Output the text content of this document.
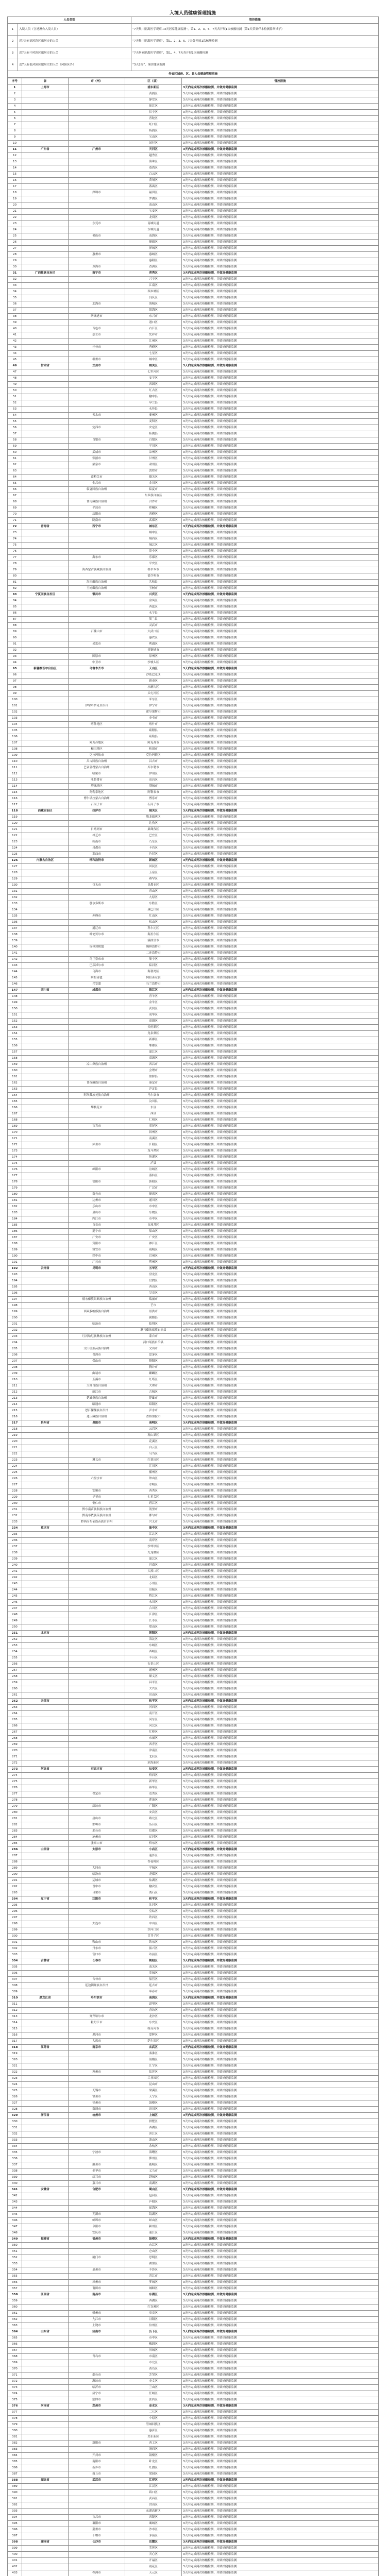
入境人员健康管理措施
人员类别		管控措施
1	入境人员（含港澳台入境人员）	“7天集中隔离医学观察+3天居家健康监测”，第1、2、3、5、7天各开展1次核酸检测（第1天采集样本检测鼻咽拭子）
2	近7天有高风险区旅居史的人员	“7天集中隔离医学观察”，第1、2、3、5、7天各开展1次核酸检测
3	近7天有中风险区旅居史的人员	“7天居家隔离医学观察”，第1、4、7天各开展1次核酸检测
4	近7天有低风险区旅居史的人员（风险区外）	“3天2检”，落实健康监测
外省区域州、区、县人员健康管理措施		
序号	省	市（州）	区（县）	管控措施
1	上海市		浦东新区	3天内完成两次核酸检测，并做好健康监测
2			黄浦区	3天内完成两次核酸检测，并做好健康监测
3			静安区	3天内完成两次核酸检测，并做好健康监测
4			徐汇区	3天内完成两次核酸检测，并做好健康监测
5			长宁区	3天内完成两次核酸检测，并做好健康监测
6			普陀区	3天内完成两次核酸检测，并做好健康监测
7			虹口区	3天内完成两次核酸检测，并做好健康监测
8			杨浦区	3天内完成两次核酸检测，并做好健康监测
9			宝山区	3天内完成两次核酸检测，并做好健康监测
10			闵行区	3天内完成两次核酸检测，并做好健康监测
11	广东省	广州市	天河区	3天内完成两次核酸检测，并做好健康监测
12			越秀区	3天内完成两次核酸检测，并做好健康监测
13			海珠区	3天内完成两次核酸检测，并做好健康监测
14			荔湾区	3天内完成两次核酸检测，并做好健康监测
15			白云区	3天内完成两次核酸检测，并做好健康监测
16			黄埔区	3天内完成两次核酸检测，并做好健康监测
17			番禺区	3天内完成两次核酸检测，并做好健康监测
18		深圳市	福田区	3天内完成两次核酸检测，并做好健康监测
19			罗湖区	3天内完成两次核酸检测，并做好健康监测
20			南山区	3天内完成两次核酸检测，并做好健康监测
21			宝安区	3天内完成两次核酸检测，并做好健康监测
22			龙岗区	3天内完成两次核酸检测，并做好健康监测
23		东莞市	南城街道	3天内完成两次核酸检测，并做好健康监测
24			东城街道	3天内完成两次核酸检测，并做好健康监测
25		佛山市	南海区	3天内完成两次核酸检测，并做好健康监测
26			顺德区	3天内完成两次核酸检测，并做好健康监测
27			禅城区	3天内完成两次核酸检测，并做好健康监测
28		惠州市	惠城区	3天内完成两次核酸检测，并做好健康监测
29			惠阳区	3天内完成两次核酸检测，并做好健康监测
30		珠海市	香洲区	3天内完成两次核酸检测，并做好健康监测
31	广西壮族自治区	南宁市	青秀区	3天内完成两次核酸检测，并做好健康监测
32			兴宁区	3天内完成两次核酸检测，并做好健康监测
33			江南区	3天内完成两次核酸检测，并做好健康监测
34			西乡塘区	3天内完成两次核酸检测，并做好健康监测
35			良庆区	3天内完成两次核酸检测，并做好健康监测
36		北海市	海城区	3天内完成两次核酸检测，并做好健康监测
37			银海区	3天内完成两次核酸检测，并做好健康监测
38		防城港市	东兴市	3天内完成两次核酸检测，并做好健康监测
39			港口区	3天内完成两次核酸检测，并做好健康监测
40		百色市	右江区	3天内完成两次核酸检测，并做好健康监测
41		崇左市	凭祥市	3天内完成两次核酸检测，并做好健康监测
42			江州区	3天内完成两次核酸检测，并做好健康监测
43		桂林市	秀峰区	3天内完成两次核酸检测，并做好健康监测
44			七星区	3天内完成两次核酸检测，并做好健康监测
45		柳州市	城中区	3天内完成两次核酸检测，并做好健康监测
46	甘肃省	兰州市	城关区	3天内完成两次核酸检测，并做好健康监测
47			七里河区	3天内完成两次核酸检测，并做好健康监测
48			安宁区	3天内完成两次核酸检测，并做好健康监测
49			西固区	3天内完成两次核酸检测，并做好健康监测
50			红古区	3天内完成两次核酸检测，并做好健康监测
51			榆中县	3天内完成两次核酸检测，并做好健康监测
52			皋兰县	3天内完成两次核酸检测，并做好健康监测
53			永登县	3天内完成两次核酸检测，并做好健康监测
54		天水市	秦州区	3天内完成两次核酸检测，并做好健康监测
55			麦积区	3天内完成两次核酸检测，并做好健康监测
56		定西市	安定区	3天内完成两次核酸检测，并做好健康监测
57			临洮县	3天内完成两次核酸检测，并做好健康监测
58		白银市	白银区	3天内完成两次核酸检测，并做好健康监测
59			平川区	3天内完成两次核酸检测，并做好健康监测
60		武威市	凉州区	3天内完成两次核酸检测，并做好健康监测
61		张掖市	甘州区	3天内完成两次核酸检测，并做好健康监测
62		酒泉市	肃州区	3天内完成两次核酸检测，并做好健康监测
63			敦煌市	3天内完成两次核酸检测，并做好健康监测
64		嘉峪关市	雄关区	3天内完成两次核酸检测，并做好健康监测
65		金昌市	金川区	3天内完成两次核酸检测，并做好健康监测
66		临夏回族自治州	临夏市	3天内完成两次核酸检测，并做好健康监测
67			东乡族自治县	3天内完成两次核酸检测，并做好健康监测
68		甘南藏族自治州	合作市	3天内完成两次核酸检测，并做好健康监测
69		平凉市	崆峒区	3天内完成两次核酸检测，并做好健康监测
70		庆阳市	西峰区	3天内完成两次核酸检测，并做好健康监测
71		陇南市	武都区	3天内完成两次核酸检测，并做好健康监测
72	青海省	西宁市	城东区	3天内完成两次核酸检测，并做好健康监测
73			城中区	3天内完成两次核酸检测，并做好健康监测
74			城西区	3天内完成两次核酸检测，并做好健康监测
75			城北区	3天内完成两次核酸检测，并做好健康监测
76			湟中区	3天内完成两次核酸检测，并做好健康监测
77		海东市	乐都区	3天内完成两次核酸检测，并做好健康监测
78			平安区	3天内完成两次核酸检测，并做好健康监测
79		海西蒙古族藏族自治州	格尔木市	3天内完成两次核酸检测，并做好健康监测
80			德令哈市	3天内完成两次核酸检测，并做好健康监测
81		海南藏族自治州	共和县	3天内完成两次核酸检测，并做好健康监测
82		玉树藏族自治州	玉树市	3天内完成两次核酸检测，并做好健康监测
83	宁夏回族自治区	银川市	兴庆区	3天内完成两次核酸检测，并做好健康监测
84			金凤区	3天内完成两次核酸检测，并做好健康监测
85			西夏区	3天内完成两次核酸检测，并做好健康监测
86			永宁县	3天内完成两次核酸检测，并做好健康监测
87			贺兰县	3天内完成两次核酸检测，并做好健康监测
88			灵武市	3天内完成两次核酸检测，并做好健康监测
89		石嘴山市	大武口区	3天内完成两次核酸检测，并做好健康监测
90			惠农区	3天内完成两次核酸检测，并做好健康监测
91		吴忠市	利通区	3天内完成两次核酸检测，并做好健康监测
92			青铜峡市	3天内完成两次核酸检测，并做好健康监测
93		固原市	原州区	3天内完成两次核酸检测，并做好健康监测
94		中卫市	沙坡头区	3天内完成两次核酸检测，并做好健康监测
95	新疆维吾尔自治区	乌鲁木齐市	天山区	3天内完成两次核酸检测，并做好健康监测
96			沙依巴克区	3天内完成两次核酸检测，并做好健康监测
97			新市区	3天内完成两次核酸检测，并做好健康监测
98			水磨沟区	3天内完成两次核酸检测，并做好健康监测
99			头屯河区	3天内完成两次核酸检测，并做好健康监测
100			米东区	3天内完成两次核酸检测，并做好健康监测
101		伊犁哈萨克自治州	伊宁市	3天内完成两次核酸检测，并做好健康监测
102			霍尔果斯市	3天内完成两次核酸检测，并做好健康监测
103			奎屯市	3天内完成两次核酸检测，并做好健康监测
104		喀什地区	喀什市	3天内完成两次核酸检测，并做好健康监测
105			疏附县	3天内完成两次核酸检测，并做好健康监测
106			疏勒县	3天内完成两次核酸检测，并做好健康监测
107		阿克苏地区	阿克苏市	3天内完成两次核酸检测，并做好健康监测
108		和田地区	和田市	3天内完成两次核酸检测，并做好健康监测
109		克拉玛依市	克拉玛依区	3天内完成两次核酸检测，并做好健康监测
110		昌吉回族自治州	昌吉市	3天内完成两次核酸检测，并做好健康监测
111		巴音郭楞蒙古自治州	库尔勒市	3天内完成两次核酸检测，并做好健康监测
112		哈密市	伊州区	3天内完成两次核酸检测，并做好健康监测
113		吐鲁番市	高昌区	3天内完成两次核酸检测，并做好健康监测
114		塔城地区	塔城市	3天内完成两次核酸检测，并做好健康监测
115		阿勒泰地区	阿勒泰市	3天内完成两次核酸检测，并做好健康监测
116		博尔塔拉蒙古自治州	博乐市	3天内完成两次核酸检测，并做好健康监测
117		石河子市	石河子市	3天内完成两次核酸检测，并做好健康监测
118	西藏自治区	拉萨市	城关区	3天内完成两次核酸检测，并做好健康监测
119			堆龙德庆区	3天内完成两次核酸检测，并做好健康监测
120			达孜区	3天内完成两次核酸检测，并做好健康监测
121		日喀则市	桑珠孜区	3天内完成两次核酸检测，并做好健康监测
122		林芝市	巴宜区	3天内完成两次核酸检测，并做好健康监测
123		山南市	乃东区	3天内完成两次核酸检测，并做好健康监测
124		昌都市	卡若区	3天内完成两次核酸检测，并做好健康监测
125		那曲市	色尼区	3天内完成两次核酸检测，并做好健康监测
126	内蒙古自治区	呼和浩特市	新城区	3天内完成两次核酸检测，并做好健康监测
127			回民区	3天内完成两次核酸检测，并做好健康监测
128			玉泉区	3天内完成两次核酸检测，并做好健康监测
129			赛罕区	3天内完成两次核酸检测，并做好健康监测
130		包头市	昆都仑区	3天内完成两次核酸检测，并做好健康监测
131			青山区	3天内完成两次核酸检测，并做好健康监测
132			九原区	3天内完成两次核酸检测，并做好健康监测
133		鄂尔多斯市	东胜区	3天内完成两次核酸检测，并做好健康监测
134			康巴什区	3天内完成两次核酸检测，并做好健康监测
135		赤峰市	红山区	3天内完成两次核酸检测，并做好健康监测
136			松山区	3天内完成两次核酸检测，并做好健康监测
137		通辽市	科尔沁区	3天内完成两次核酸检测，并做好健康监测
138		呼伦贝尔市	海拉尔区	3天内完成两次核酸检测，并做好健康监测
139			满洲里市	3天内完成两次核酸检测，并做好健康监测
140		锡林郭勒盟	锡林浩特市	3天内完成两次核酸检测，并做好健康监测
141			二连浩特市	3天内完成两次核酸检测，并做好健康监测
142		乌兰察布市	集宁区	3天内完成两次核酸检测，并做好健康监测
143		巴彦淖尔市	临河区	3天内完成两次核酸检测，并做好健康监测
144		乌海市	海勃湾区	3天内完成两次核酸检测，并做好健康监测
145		阿拉善盟	阿拉善左旗	3天内完成两次核酸检测，并做好健康监测
146		兴安盟	乌兰浩特市	3天内完成两次核酸检测，并做好健康监测
147	四川省	成都市	锦江区	3天内完成两次核酸检测，并做好健康监测
148			青羊区	3天内完成两次核酸检测，并做好健康监测
149			金牛区	3天内完成两次核酸检测，并做好健康监测
150			武侯区	3天内完成两次核酸检测，并做好健康监测
151			成华区	3天内完成两次核酸检测，并做好健康监测
152			高新区	3天内完成两次核酸检测，并做好健康监测
153			天府新区	3天内完成两次核酸检测，并做好健康监测
154			龙泉驿区	3天内完成两次核酸检测，并做好健康监测
155			新都区	3天内完成两次核酸检测，并做好健康监测
156			郫都区	3天内完成两次核酸检测，并做好健康监测
157			温江区	3天内完成两次核酸检测，并做好健康监测
158			双流区	3天内完成两次核酸检测，并做好健康监测
159		凉山彝族自治州	西昌市	3天内完成两次核酸检测，并做好健康监测
160			会理市	3天内完成两次核酸检测，并做好健康监测
161			盐源县	3天内完成两次核酸检测，并做好健康监测
162		甘孜藏族自治州	康定市	3天内完成两次核酸检测，并做好健康监测
163			泸定县	3天内完成两次核酸检测，并做好健康监测
164		阿坝藏族羌族自治州	马尔康市	3天内完成两次核酸检测，并做好健康监测
165			汶川县	3天内完成两次核酸检测，并做好健康监测
166		攀枝花市	东区	3天内完成两次核酸检测，并做好健康监测
167			西区	3天内完成两次核酸检测，并做好健康监测
168			仁和区	3天内完成两次核酸检测，并做好健康监测
169		宜宾市	翠屏区	3天内完成两次核酸检测，并做好健康监测
170			叙州区	3天内完成两次核酸检测，并做好健康监测
171			南溪区	3天内完成两次核酸检测，并做好健康监测
172		泸州市	江阳区	3天内完成两次核酸检测，并做好健康监测
173			龙马潭区	3天内完成两次核酸检测，并做好健康监测
174			纳溪区	3天内完成两次核酸检测，并做好健康监测
175			泸县	3天内完成两次核酸检测，并做好健康监测
176		绵阳市	涪城区	3天内完成两次核酸检测，并做好健康监测
177			游仙区	3天内完成两次核酸检测，并做好健康监测
178		德阳市	旌阳区	3天内完成两次核酸检测，并做好健康监测
179			广汉市	3天内完成两次核酸检测，并做好健康监测
180		南充市	顺庆区	3天内完成两次核酸检测，并做好健康监测
181		达州市	通川区	3天内完成两次核酸检测，并做好健康监测
182		乐山市	市中区	3天内完成两次核酸检测，并做好健康监测
183		眉山市	东坡区	3天内完成两次核酸检测，并做好健康监测
184		内江市	市中区	3天内完成两次核酸检测，并做好健康监测
185		自贡市	自流井区	3天内完成两次核酸检测，并做好健康监测
186		遂宁市	船山区	3天内完成两次核酸检测，并做好健康监测
187		广安市	广安区	3天内完成两次核酸检测，并做好健康监测
188		资阳市	雁江区	3天内完成两次核酸检测，并做好健康监测
189		雅安市	雨城区	3天内完成两次核酸检测，并做好健康监测
190		巴中市	巴州区	3天内完成两次核酸检测，并做好健康监测
191		广元市	利州区	3天内完成两次核酸检测，并做好健康监测
192	云南省	昆明市	五华区	3天内完成两次核酸检测，并做好健康监测
193			盘龙区	3天内完成两次核酸检测，并做好健康监测
194			官渡区	3天内完成两次核酸检测，并做好健康监测
195			西山区	3天内完成两次核酸检测，并做好健康监测
196			呈贡区	3天内完成两次核酸检测，并做好健康监测
197		德宏傣族景颇族自治州	瑞丽市	3天内完成两次核酸检测，并做好健康监测
198			芒市	3天内完成两次核酸检测，并做好健康监测
199		西双版纳傣族自治州	景洪市	3天内完成两次核酸检测，并做好健康监测
200			勐腊县	3天内完成两次核酸检测，并做好健康监测
201		临沧市	临翔区	3天内完成两次核酸检测，并做好健康监测
202			耿马傣族佤族自治县	3天内完成两次核酸检测，并做好健康监测
203		红河哈尼族彝族自治州	蒙自市	3天内完成两次核酸检测，并做好健康监测
204			河口瑶族自治县	3天内完成两次核酸检测，并做好健康监测
205		文山壮族苗族自治州	文山市	3天内完成两次核酸检测，并做好健康监测
206		普洱市	思茅区	3天内完成两次核酸检测，并做好健康监测
207		保山市	隆阳区	3天内完成两次核酸检测，并做好健康监测
208			腾冲市	3天内完成两次核酸检测，并做好健康监测
209		曲靖市	麒麟区	3天内完成两次核酸检测，并做好健康监测
210		玉溪市	红塔区	3天内完成两次核酸检测，并做好健康监测
211		大理白族自治州	大理市	3天内完成两次核酸检测，并做好健康监测
212		丽江市	古城区	3天内完成两次核酸检测，并做好健康监测
213		楚雄彝族自治州	楚雄市	3天内完成两次核酸检测，并做好健康监测
214		昭通市	昭阳区	3天内完成两次核酸检测，并做好健康监测
215		怒江傈僳族自治州	泸水市	3天内完成两次核酸检测，并做好健康监测
216		迪庆藏族自治州	香格里拉市	3天内完成两次核酸检测，并做好健康监测
217	贵州省	贵阳市	南明区	3天内完成两次核酸检测，并做好健康监测
218			云岩区	3天内完成两次核酸检测，并做好健康监测
219			观山湖区	3天内完成两次核酸检测，并做好健康监测
220			花溪区	3天内完成两次核酸检测，并做好健康监测
221			白云区	3天内完成两次核酸检测，并做好健康监测
222			乌当区	3天内完成两次核酸检测，并做好健康监测
223		遵义市	红花岗区	3天内完成两次核酸检测，并做好健康监测
224			汇川区	3天内完成两次核酸检测，并做好健康监测
225			播州区	3天内完成两次核酸检测，并做好健康监测
226		六盘水市	钟山区	3天内完成两次核酸检测，并做好健康监测
227			水城区	3天内完成两次核酸检测，并做好健康监测
228		安顺市	西秀区	3天内完成两次核酸检测，并做好健康监测
229		毕节市	七星关区	3天内完成两次核酸检测，并做好健康监测
230		铜仁市	碧江区	3天内完成两次核酸检测，并做好健康监测
231		黔东南苗族侗族自治州	凯里市	3天内完成两次核酸检测，并做好健康监测
232		黔南布依族苗族自治州	都匀市	3天内完成两次核酸检测，并做好健康监测
233		黔西南布依族苗族自治州	兴义市	3天内完成两次核酸检测，并做好健康监测
234	重庆市		渝中区	3天内完成两次核酸检测，并做好健康监测
235			江北区	3天内完成两次核酸检测，并做好健康监测
236			南岸区	3天内完成两次核酸检测，并做好健康监测
237			沙坪坝区	3天内完成两次核酸检测，并做好健康监测
238			九龙坡区	3天内完成两次核酸检测，并做好健康监测
239			渝北区	3天内完成两次核酸检测，并做好健康监测
240			巴南区	3天内完成两次核酸检测，并做好健康监测
241			大渡口区	3天内完成两次核酸检测，并做好健康监测
242			北碚区	3天内完成两次核酸检测，并做好健康监测
243			万州区	3天内完成两次核酸检测，并做好健康监测
244			涪陵区	3天内完成两次核酸检测，并做好健康监测
245			黔江区	3天内完成两次核酸检测，并做好健康监测
246			永川区	3天内完成两次核酸检测，并做好健康监测
247			合川区	3天内完成两次核酸检测，并做好健康监测
248			江津区	3天内完成两次核酸检测，并做好健康监测
249			长寿区	3天内完成两次核酸检测，并做好健康监测
250			璧山区	3天内完成两次核酸检测，并做好健康监测
251	北京市		朝阳区	3天内完成两次核酸检测，并做好健康监测
252			海淀区	3天内完成两次核酸检测，并做好健康监测
253			东城区	3天内完成两次核酸检测，并做好健康监测
254			西城区	3天内完成两次核酸检测，并做好健康监测
255			丰台区	3天内完成两次核酸检测，并做好健康监测
256			石景山区	3天内完成两次核酸检测，并做好健康监测
257			通州区	3天内完成两次核酸检测，并做好健康监测
258			顺义区	3天内完成两次核酸检测，并做好健康监测
259			昌平区	3天内完成两次核酸检测，并做好健康监测
260			大兴区	3天内完成两次核酸检测，并做好健康监测
261			房山区	3天内完成两次核酸检测，并做好健康监测
262	天津市		和平区	3天内完成两次核酸检测，并做好健康监测
263			河西区	3天内完成两次核酸检测，并做好健康监测
264			南开区	3天内完成两次核酸检测，并做好健康监测
265			河东区	3天内完成两次核酸检测，并做好健康监测
266			河北区	3天内完成两次核酸检测，并做好健康监测
267			红桥区	3天内完成两次核酸检测，并做好健康监测
268			东丽区	3天内完成两次核酸检测，并做好健康监测
269			西青区	3天内完成两次核酸检测，并做好健康监测
270			津南区	3天内完成两次核酸检测，并做好健康监测
271			北辰区	3天内完成两次核酸检测，并做好健康监测
272			滨海新区	3天内完成两次核酸检测，并做好健康监测
273	河北省	石家庄市	长安区	3天内完成两次核酸检测，并做好健康监测
274			桥西区	3天内完成两次核酸检测，并做好健康监测
275			新华区	3天内完成两次核酸检测，并做好健康监测
276			裕华区	3天内完成两次核酸检测，并做好健康监测
277		保定市	竞秀区	3天内完成两次核酸检测，并做好健康监测
278			莲池区	3天内完成两次核酸检测，并做好健康监测
279		廊坊市	广阳区	3天内完成两次核酸检测，并做好健康监测
280			安次区	3天内完成两次核酸检测，并做好健康监测
281		唐山市	路北区	3天内完成两次核酸检测，并做好健康监测
282		邯郸市	丛台区	3天内完成两次核酸检测，并做好健康监测
283		邢台市	信都区	3天内完成两次核酸检测，并做好健康监测
284		沧州市	运河区	3天内完成两次核酸检测，并做好健康监测
285		张家口市	桥东区	3天内完成两次核酸检测，并做好健康监测
286	山西省	太原市	小店区	3天内完成两次核酸检测，并做好健康监测
287			迎泽区	3天内完成两次核酸检测，并做好健康监测
288			杏花岭区	3天内完成两次核酸检测，并做好健康监测
289		大同市	平城区	3天内完成两次核酸检测，并做好健康监测
290		临汾市	尧都区	3天内完成两次核酸检测，并做好健康监测
291		运城市	盐湖区	3天内完成两次核酸检测，并做好健康监测
292		晋中市	榆次区	3天内完成两次核酸检测，并做好健康监测
293		吕梁市	离石区	3天内完成两次核酸检测，并做好健康监测
294	辽宁省	沈阳市	和平区	3天内完成两次核酸检测，并做好健康监测
295			沈河区	3天内完成两次核酸检测，并做好健康监测
296			皇姑区	3天内完成两次核酸检测，并做好健康监测
297			铁西区	3天内完成两次核酸检测，并做好健康监测
298		大连市	中山区	3天内完成两次核酸检测，并做好健康监测
299			沙河口区	3天内完成两次核酸检测，并做好健康监测
300			甘井子区	3天内完成两次核酸检测，并做好健康监测
301		鞍山市	铁东区	3天内完成两次核酸检测，并做好健康监测
302		丹东市	振兴区	3天内完成两次核酸检测，并做好健康监测
303		营口市	站前区	3天内完成两次核酸检测，并做好健康监测
304	吉林省	长春市	朝阳区	3天内完成两次核酸检测，并做好健康监测
305			南关区	3天内完成两次核酸检测，并做好健康监测
306			宽城区	3天内完成两次核酸检测，并做好健康监测
307		吉林市	船营区	3天内完成两次核酸检测，并做好健康监测
308		延边朝鲜族自治州	延吉市	3天内完成两次核酸检测，并做好健康监测
309			珲春市	3天内完成两次核酸检测，并做好健康监测
310	黑龙江省	哈尔滨市	南岗区	3天内完成两次核酸检测，并做好健康监测
311			道里区	3天内完成两次核酸检测，并做好健康监测
312			香坊区	3天内完成两次核酸检测，并做好健康监测
313		齐齐哈尔市	龙沙区	3天内完成两次核酸检测，并做好健康监测
314		牡丹江市	东安区	3天内完成两次核酸检测，并做好健康监测
315			绥芬河市	3天内完成两次核酸检测，并做好健康监测
316		黑河市	爱辉区	3天内完成两次核酸检测，并做好健康监测
317		大庆市	萨尔图区	3天内完成两次核酸检测，并做好健康监测
318	江苏省	南京市	玄武区	3天内完成两次核酸检测，并做好健康监测
319			秦淮区	3天内完成两次核酸检测，并做好健康监测
320			鼓楼区	3天内完成两次核酸检测，并做好健康监测
321			江宁区	3天内完成两次核酸检测，并做好健康监测
322		苏州市	姑苏区	3天内完成两次核酸检测，并做好健康监测
323			工业园区	3天内完成两次核酸检测，并做好健康监测
324			昆山市	3天内完成两次核酸检测，并做好健康监测
325		无锡市	梁溪区	3天内完成两次核酸检测，并做好健康监测
326		常州市	天宁区	3天内完成两次核酸检测，并做好健康监测
327		徐州市	鼓楼区	3天内完成两次核酸检测，并做好健康监测
328		南通市	崇川区	3天内完成两次核酸检测，并做好健康监测
329	浙江省	杭州市	上城区	3天内完成两次核酸检测，并做好健康监测
330			拱墅区	3天内完成两次核酸检测，并做好健康监测
331			西湖区	3天内完成两次核酸检测，并做好健康监测
332			滨江区	3天内完成两次核酸检测，并做好健康监测
333			萧山区	3天内完成两次核酸检测，并做好健康监测
334			余杭区	3天内完成两次核酸检测，并做好健康监测
335		宁波市	海曙区	3天内完成两次核酸检测，并做好健康监测
336			鄞州区	3天内完成两次核酸检测，并做好健康监测
337		温州市	鹿城区	3天内完成两次核酸检测，并做好健康监测
338		金华市	义乌市	3天内完成两次核酸检测，并做好健康监测
339		绍兴市	越城区	3天内完成两次核酸检测，并做好健康监测
340		嘉兴市	南湖区	3天内完成两次核酸检测，并做好健康监测
341	安徽省	合肥市	蜀山区	3天内完成两次核酸检测，并做好健康监测
342			包河区	3天内完成两次核酸检测，并做好健康监测
343			庐阳区	3天内完成两次核酸检测，并做好健康监测
344			瑶海区	3天内完成两次核酸检测，并做好健康监测
345		芜湖市	镜湖区	3天内完成两次核酸检测，并做好健康监测
346		蚌埠市	蚌山区	3天内完成两次核酸检测，并做好健康监测
347		阜阳市	颍州区	3天内完成两次核酸检测，并做好健康监测
348		安庆市	迎江区	3天内完成两次核酸检测，并做好健康监测
349	福建省	福州市	鼓楼区	3天内完成两次核酸检测，并做好健康监测
350			台江区	3天内完成两次核酸检测，并做好健康监测
351			仓山区	3天内完成两次核酸检测，并做好健康监测
352		厦门市	思明区	3天内完成两次核酸检测，并做好健康监测
353			湖里区	3天内完成两次核酸检测，并做好健康监测
354		泉州市	丰泽区	3天内完成两次核酸检测，并做好健康监测
355			晋江市	3天内完成两次核酸检测，并做好健康监测
356		漳州市	芗城区	3天内完成两次核酸检测，并做好健康监测
357		莆田市	城厢区	3天内完成两次核酸检测，并做好健康监测
358	江西省	南昌市	东湖区	3天内完成两次核酸检测，并做好健康监测
359			西湖区	3天内完成两次核酸检测，并做好健康监测
360			红谷滩区	3天内完成两次核酸检测，并做好健康监测
361		赣州市	章贡区	3天内完成两次核酸检测，并做好健康监测
362		九江市	浔阳区	3天内完成两次核酸检测，并做好健康监测
363		上饶市	信州区	3天内完成两次核酸检测，并做好健康监测
364	山东省	济南市	历下区	3天内完成两次核酸检测，并做好健康监测
365			市中区	3天内完成两次核酸检测，并做好健康监测
366			槐荫区	3天内完成两次核酸检测，并做好健康监测
367			历城区	3天内完成两次核酸检测，并做好健康监测
368		青岛市	市南区	3天内完成两次核酸检测，并做好健康监测
369			市北区	3天内完成两次核酸检测，并做好健康监测
370			黄岛区	3天内完成两次核酸检测，并做好健康监测
371		烟台市	芝罘区	3天内完成两次核酸检测，并做好健康监测
372		潍坊市	奎文区	3天内完成两次核酸检测，并做好健康监测
373		临沂市	兰山区	3天内完成两次核酸检测，并做好健康监测
374		济宁市	任城区	3天内完成两次核酸检测，并做好健康监测
375		淄博市	张店区	3天内完成两次核酸检测，并做好健康监测
376	河南省	郑州市	金水区	3天内完成两次核酸检测，并做好健康监测
377			二七区	3天内完成两次核酸检测，并做好健康监测
378			中原区	3天内完成两次核酸检测，并做好健康监测
379			管城回族区	3天内完成两次核酸检测，并做好健康监测
380			惠济区	3天内完成两次核酸检测，并做好健康监测
381			郑东新区	3天内完成两次核酸检测，并做好健康监测
382		洛阳市	西工区	3天内完成两次核酸检测，并做好健康监测
383			涧西区	3天内完成两次核酸检测，并做好健康监测
384		开封市	鼓楼区	3天内完成两次核酸检测，并做好健康监测
385		南阳市	卧龙区	3天内完成两次核酸检测，并做好健康监测
386		新乡市	红旗区	3天内完成两次核酸检测，并做好健康监测
387		商丘市	梁园区	3天内完成两次核酸检测，并做好健康监测
388	湖北省	武汉市	江岸区	3天内完成两次核酸检测，并做好健康监测
389			江汉区	3天内完成两次核酸检测，并做好健康监测
390			硚口区	3天内完成两次核酸检测，并做好健康监测
391			武昌区	3天内完成两次核酸检测，并做好健康监测
392			洪山区	3天内完成两次核酸检测，并做好健康监测
393			东湖高新区	3天内完成两次核酸检测，并做好健康监测
394		宜昌市	西陵区	3天内完成两次核酸检测，并做好健康监测
395		襄阳市	襄城区	3天内完成两次核酸检测，并做好健康监测
396		荆州市	沙市区	3天内完成两次核酸检测，并做好健康监测
397		十堰市	茅箭区	3天内完成两次核酸检测，并做好健康监测
398	湖南省	长沙市	岳麓区	3天内完成两次核酸检测，并做好健康监测
399			芙蓉区	3天内完成两次核酸检测，并做好健康监测
400			天心区	3天内完成两次核酸检测，并做好健康监测
401			开福区	3天内完成两次核酸检测，并做好健康监测
402			雨花区	3天内完成两次核酸检测，并做好健康监测
403		株洲市	天元区	3天内完成两次核酸检测，并做好健康监测
